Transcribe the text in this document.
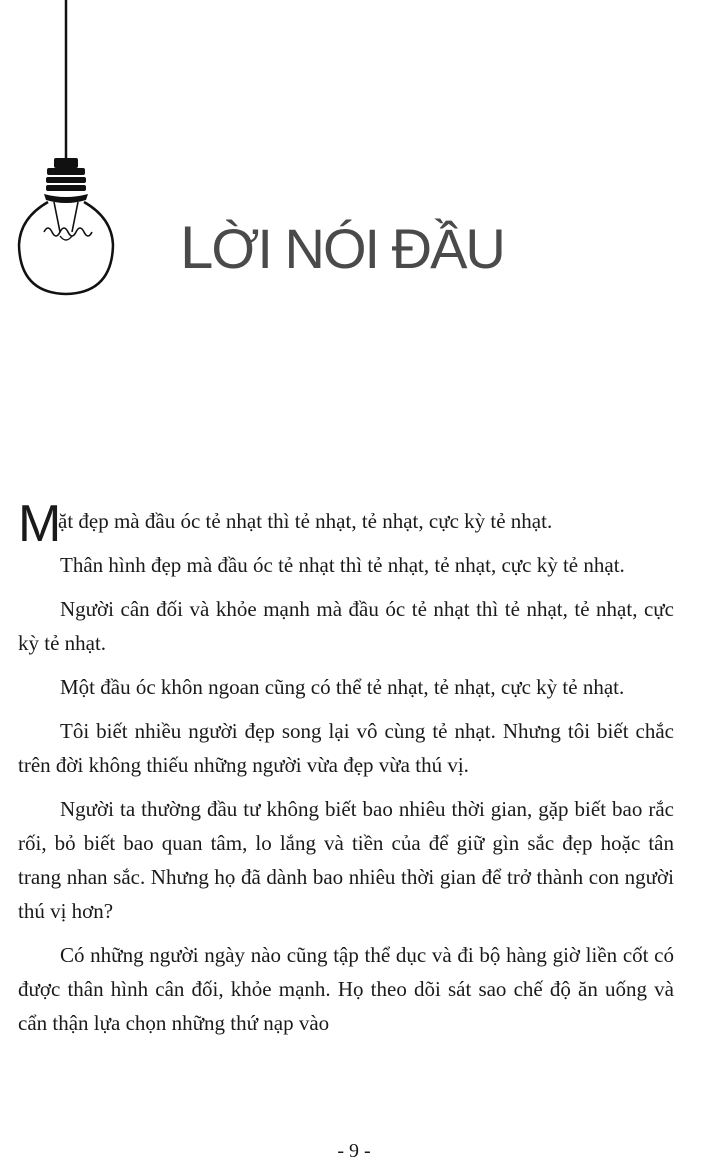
LỜI NÓI ĐẦU

M
ặt đẹp mà đầu óc tẻ nhạt thì tẻ nhạt, tẻ nhạt, cực kỳ tẻ nhạt.

Thân hình đẹp mà đầu óc tẻ nhạt thì tẻ nhạt, tẻ nhạt, cực kỳ tẻ nhạt.

Người cân đối và khỏe mạnh mà đầu óc tẻ nhạt thì tẻ nhạt, tẻ nhạt, cực kỳ tẻ nhạt.

Một đầu óc khôn ngoan cũng có thể tẻ nhạt, tẻ nhạt, cực kỳ tẻ nhạt.

Tôi biết nhiều người đẹp song lại vô cùng tẻ nhạt. Nhưng tôi biết chắc trên đời không thiếu những người vừa đẹp vừa thú vị.

Người ta thường đầu tư không biết bao nhiêu thời gian, gặp biết bao rắc rối, bỏ biết bao quan tâm, lo lắng và tiền của để giữ gìn sắc đẹp hoặc tân trang nhan sắc. Nhưng họ đã dành bao nhiêu thời gian để trở thành con người thú vị hơn?

Có những người ngày nào cũng tập thể dục và đi bộ hàng giờ liền cốt có được thân hình cân đối, khỏe mạnh. Họ theo dõi sát sao chế độ ăn uống và cẩn thận lựa chọn những thứ nạp vào

- 9 -
